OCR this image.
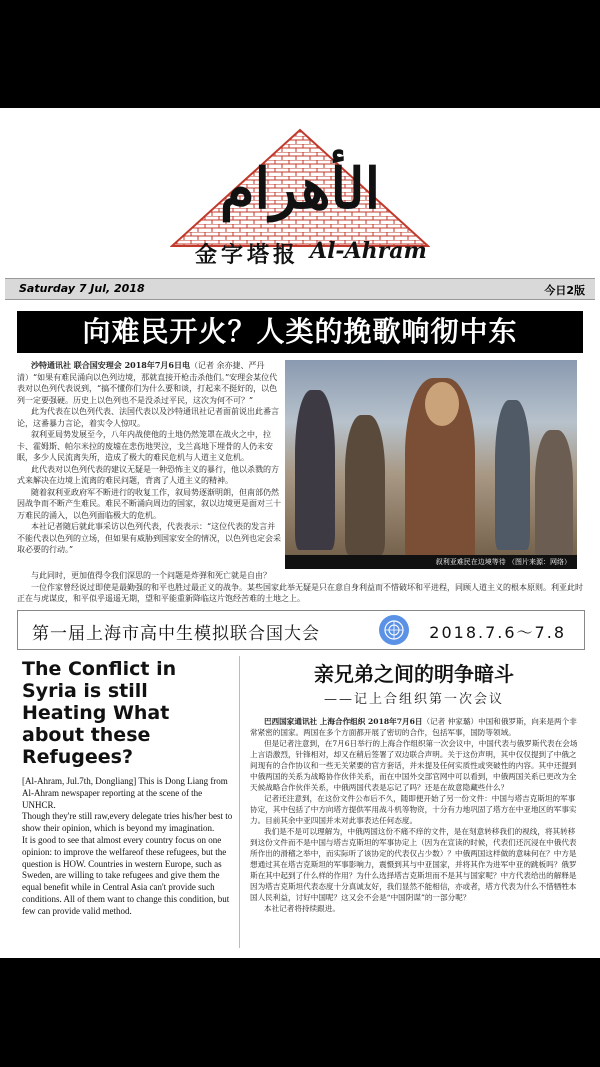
الأهرام
金字塔报 Al-Ahram
Saturday 7 Jul, 2018	今日2版
向难民开火？人类的挽歌响彻中东

沙特通讯社 联合国安理会 2018年7月6日电（记者 余亦捷、严丹清）“如果有难民涌向以色列边境，那就直接开枪击杀他们。”安理会某位代表对以色列代表说到，“搞不懂你们为什么要和谈，打起来不挺好的，以色列一定要强硬。历史上以色列也不是没杀过平民，这次为何不可？”

此为代表在以色列代表、法国代表以及沙特通讯社记者面前说出此番言论，这番暴力言论，着实令人惊叹。

叙利亚局势发展至今，八年内战使他的土地仍然笼罩在战火之中，拉卡、霍姆斯、帕尔米拉的废墟在悲伤地哭泣，戈兰高地下埋骨的人仍未安眠，多少人民流离失所，造成了极大的难民危机与人道主义危机。

此代表对以色列代表的建议无疑是一种恐怖主义的暴行，他以杀戮的方式来解决在边境上流离的难民问题，背离了人道主义的精神。

随着叙利亚政府军不断进行的收复工作，叙局势逐渐明朗，但南部仍然因战争而不断产生难民。难民不断涌向周边的国家，叙以边境更是面对三十万难民的涌入，以色列面临极大的危机。

本社记者随后就此事采访以色列代表，代表表示：“这位代表的发言并不能代表以色列的立场，但如果有威胁到国家安全的情况，以色列也定会采取必要的行动。”

叙利亚难民在边境等待 （图片来源：网络）

与此同时，更加值得令我们深思的一个问题是炸弹和死亡就是自由？

一位作家曾经说过即使是最勤强的和平也胜过最正义的战争。某些国家此举无疑是只在意自身利益而不惜破坏和平进程，同顾人道主义的根本原则。利亚此时正在与虎谋皮，和平似乎遥遥无期，望和平能重新降临这片饱经苦难的土地之上。

第一届上海市高中生模拟联合国大会	2018.7.6～7.8
The Conflict in Syria is still Heating What about these Refugees?

[Al-Ahram, Jul.7th, Dongliang] This is Dong Liang from Al-Ahram newspaper reporting at the scene of the UNHCR.

Though they're still raw,every delegate tries his/her best to show their opinion, which is beyond my imagination.

It is good to see that almost every country focus on one opinion: to improve the welfareof these refugees, but the question is HOW. Countries in western Europe, such as Sweden, are willing to take refugees and give them the equal benefit while in Central Asia can't provide such conditions. All of them want to change this condition, but few can provide valid method.

亲兄弟之间的明争暗斗
——记上合组织第一次会议

巴西国家通讯社 上海合作组织 2018年7月6日（记者 仲家璐）中国和俄罗斯，向来是两个非常紧密的国家。两国在多个方面都开展了密切的合作，包括军事，国防等领域。

但是记者注意到，在7月6日举行的上海合作组织第一次会议中，中国代表与俄罗斯代表在会场上言语激烈，针锋相对，却又在稍后签署了双边联合声明。关于这份声明，其中仅仅提到了中俄之间现有的合作协议和一些无关紧要的官方套话，并未提及任何实质性或突破性的内容。其中还提到中俄两国的关系为战略协作伙伴关系，而在中国外交部官网中可以看到，中俄两国关系已更改为全天候战略合作伙伴关系，中俄两国代表是忘记了吗？还是在故意隐藏些什么？

记者还注意到，在这份文件公布后不久，随即便开始了另一份文件：中国与塔吉克斯坦的军事协定，其中包括了中方向塔方提供军用战斗机等物资，十分有力地巩固了塔方在中亚地区的军事实力。目前其余中亚四国并未对此事表达任何态度。

我们是不是可以理解为，中俄两国这份不痛不痒的文件，是在刻意转移我们的视线，将其转移到这份文件而不是中国与塔吉克斯坦的军事协定上（因为在宣读的时候，代表们还沉浸在中俄代表所作出的滑稽之举中，而实际听了该协定的代表仅占少数）？中俄两国这样做的意味何在？中方是想通过其在塔吉克斯坦的军事影响力，震慑到其与中亚国家，并将其作为进军中亚的跳板吗？俄罗斯在其中起到了什么样的作用？为什么选择塔吉克斯坦而不是其与国家呢？中方代表给出的解释是因为塔吉克斯坦代表态度十分真诚友好，我们显然不能相信，亦或者，塔方代表为什么不惜牺牲本国人民利益，讨好中国呢？这又会不会是“中国阴谋”的一部分呢？

本社记者将持续跟进。
